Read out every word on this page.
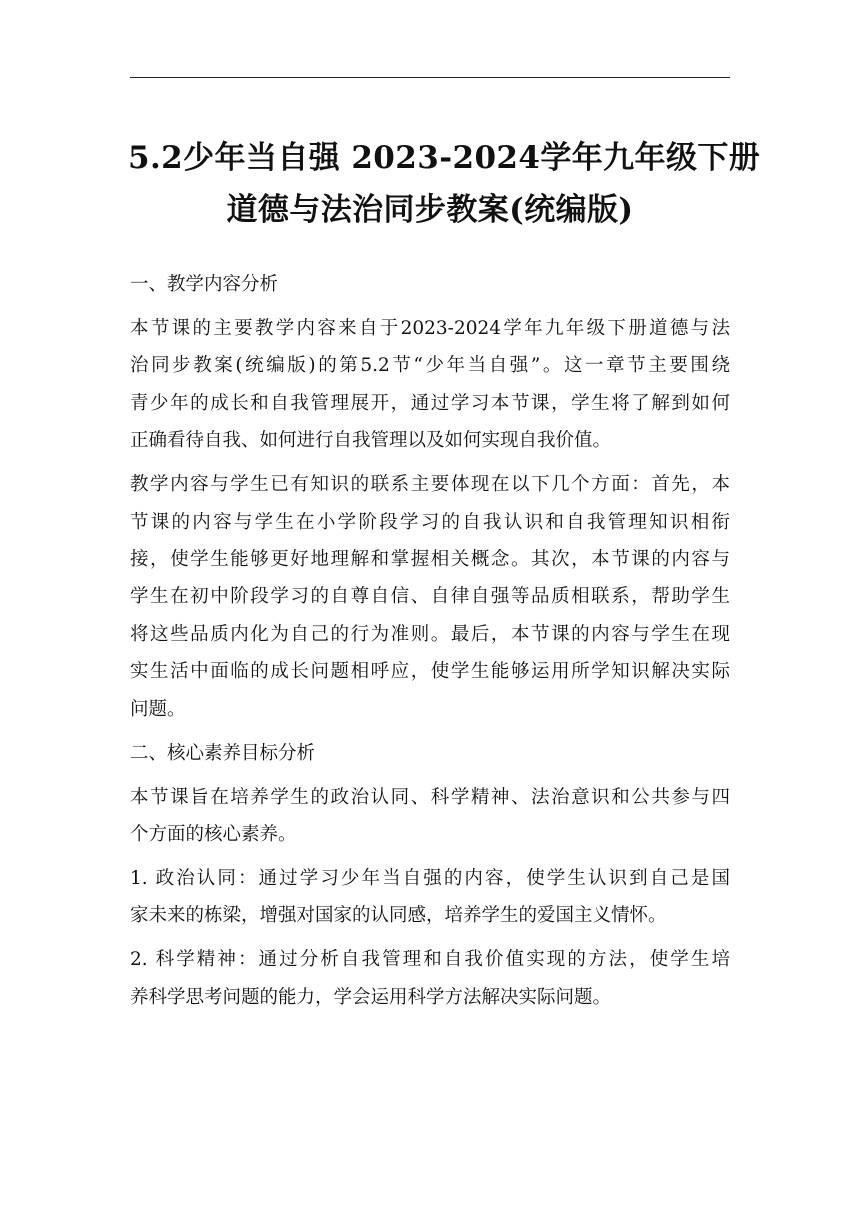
5.2少年当自强 2023-2024学年九年级下册
道德与法治同步教案(统编版)
一、教学内容分析
本节课的主要教学内容来自于2023-2024学年九年级下册道德与法
治同步教案(统编版)的第5.2节“少年当自强”。这一章节主要围绕
青少年的成长和自我管理展开，通过学习本节课，学生将了解到如何
正确看待自我、如何进行自我管理以及如何实现自我价值。
教学内容与学生已有知识的联系主要体现在以下几个方面：首先，本
节课的内容与学生在小学阶段学习的自我认识和自我管理知识相衔
接，使学生能够更好地理解和掌握相关概念。其次，本节课的内容与
学生在初中阶段学习的自尊自信、自律自强等品质相联系，帮助学生
将这些品质内化为自己的行为准则。最后，本节课的内容与学生在现
实生活中面临的成长问题相呼应，使学生能够运用所学知识解决实际
问题。
二、核心素养目标分析
本节课旨在培养学生的政治认同、科学精神、法治意识和公共参与四
个方面的核心素养。
1. 政治认同：通过学习少年当自强的内容，使学生认识到自己是国
家未来的栋梁，增强对国家的认同感，培养学生的爱国主义情怀。
2. 科学精神：通过分析自我管理和自我价值实现的方法，使学生培
养科学思考问题的能力，学会运用科学方法解决实际问题。
